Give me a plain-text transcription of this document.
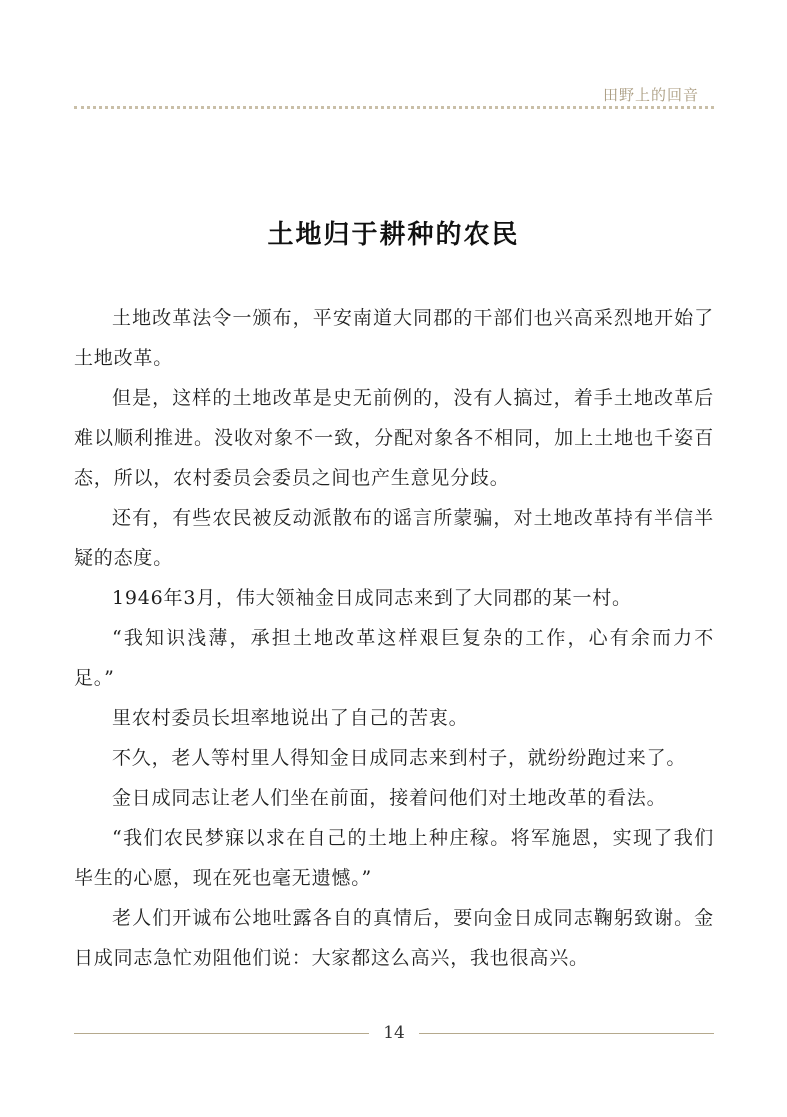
田野上的回音
土地归于耕种的农民

土地改革法令一颁布，平安南道大同郡的干部们也兴高采烈地开始了土地改革。

但是，这样的土地改革是史无前例的，没有人搞过，着手土地改革后难以顺利推进。没收对象不一致，分配对象各不相同，加上土地也千姿百态，所以，农村委员会委员之间也产生意见分歧。

还有，有些农民被反动派散布的谣言所蒙骗，对土地改革持有半信半疑的态度。

1946年3月，伟大领袖金日成同志来到了大同郡的某一村。

“我知识浅薄，承担土地改革这样艰巨复杂的工作，心有余而力不足。”

里农村委员长坦率地说出了自己的苦衷。

不久，老人等村里人得知金日成同志来到村子，就纷纷跑过来了。

金日成同志让老人们坐在前面，接着问他们对土地改革的看法。

“我们农民梦寐以求在自己的土地上种庄稼。将军施恩，实现了我们毕生的心愿，现在死也毫无遗憾。”

老人们开诚布公地吐露各自的真情后，要向金日成同志鞠躬致谢。金日成同志急忙劝阻他们说：大家都这么高兴，我也很高兴。

14
